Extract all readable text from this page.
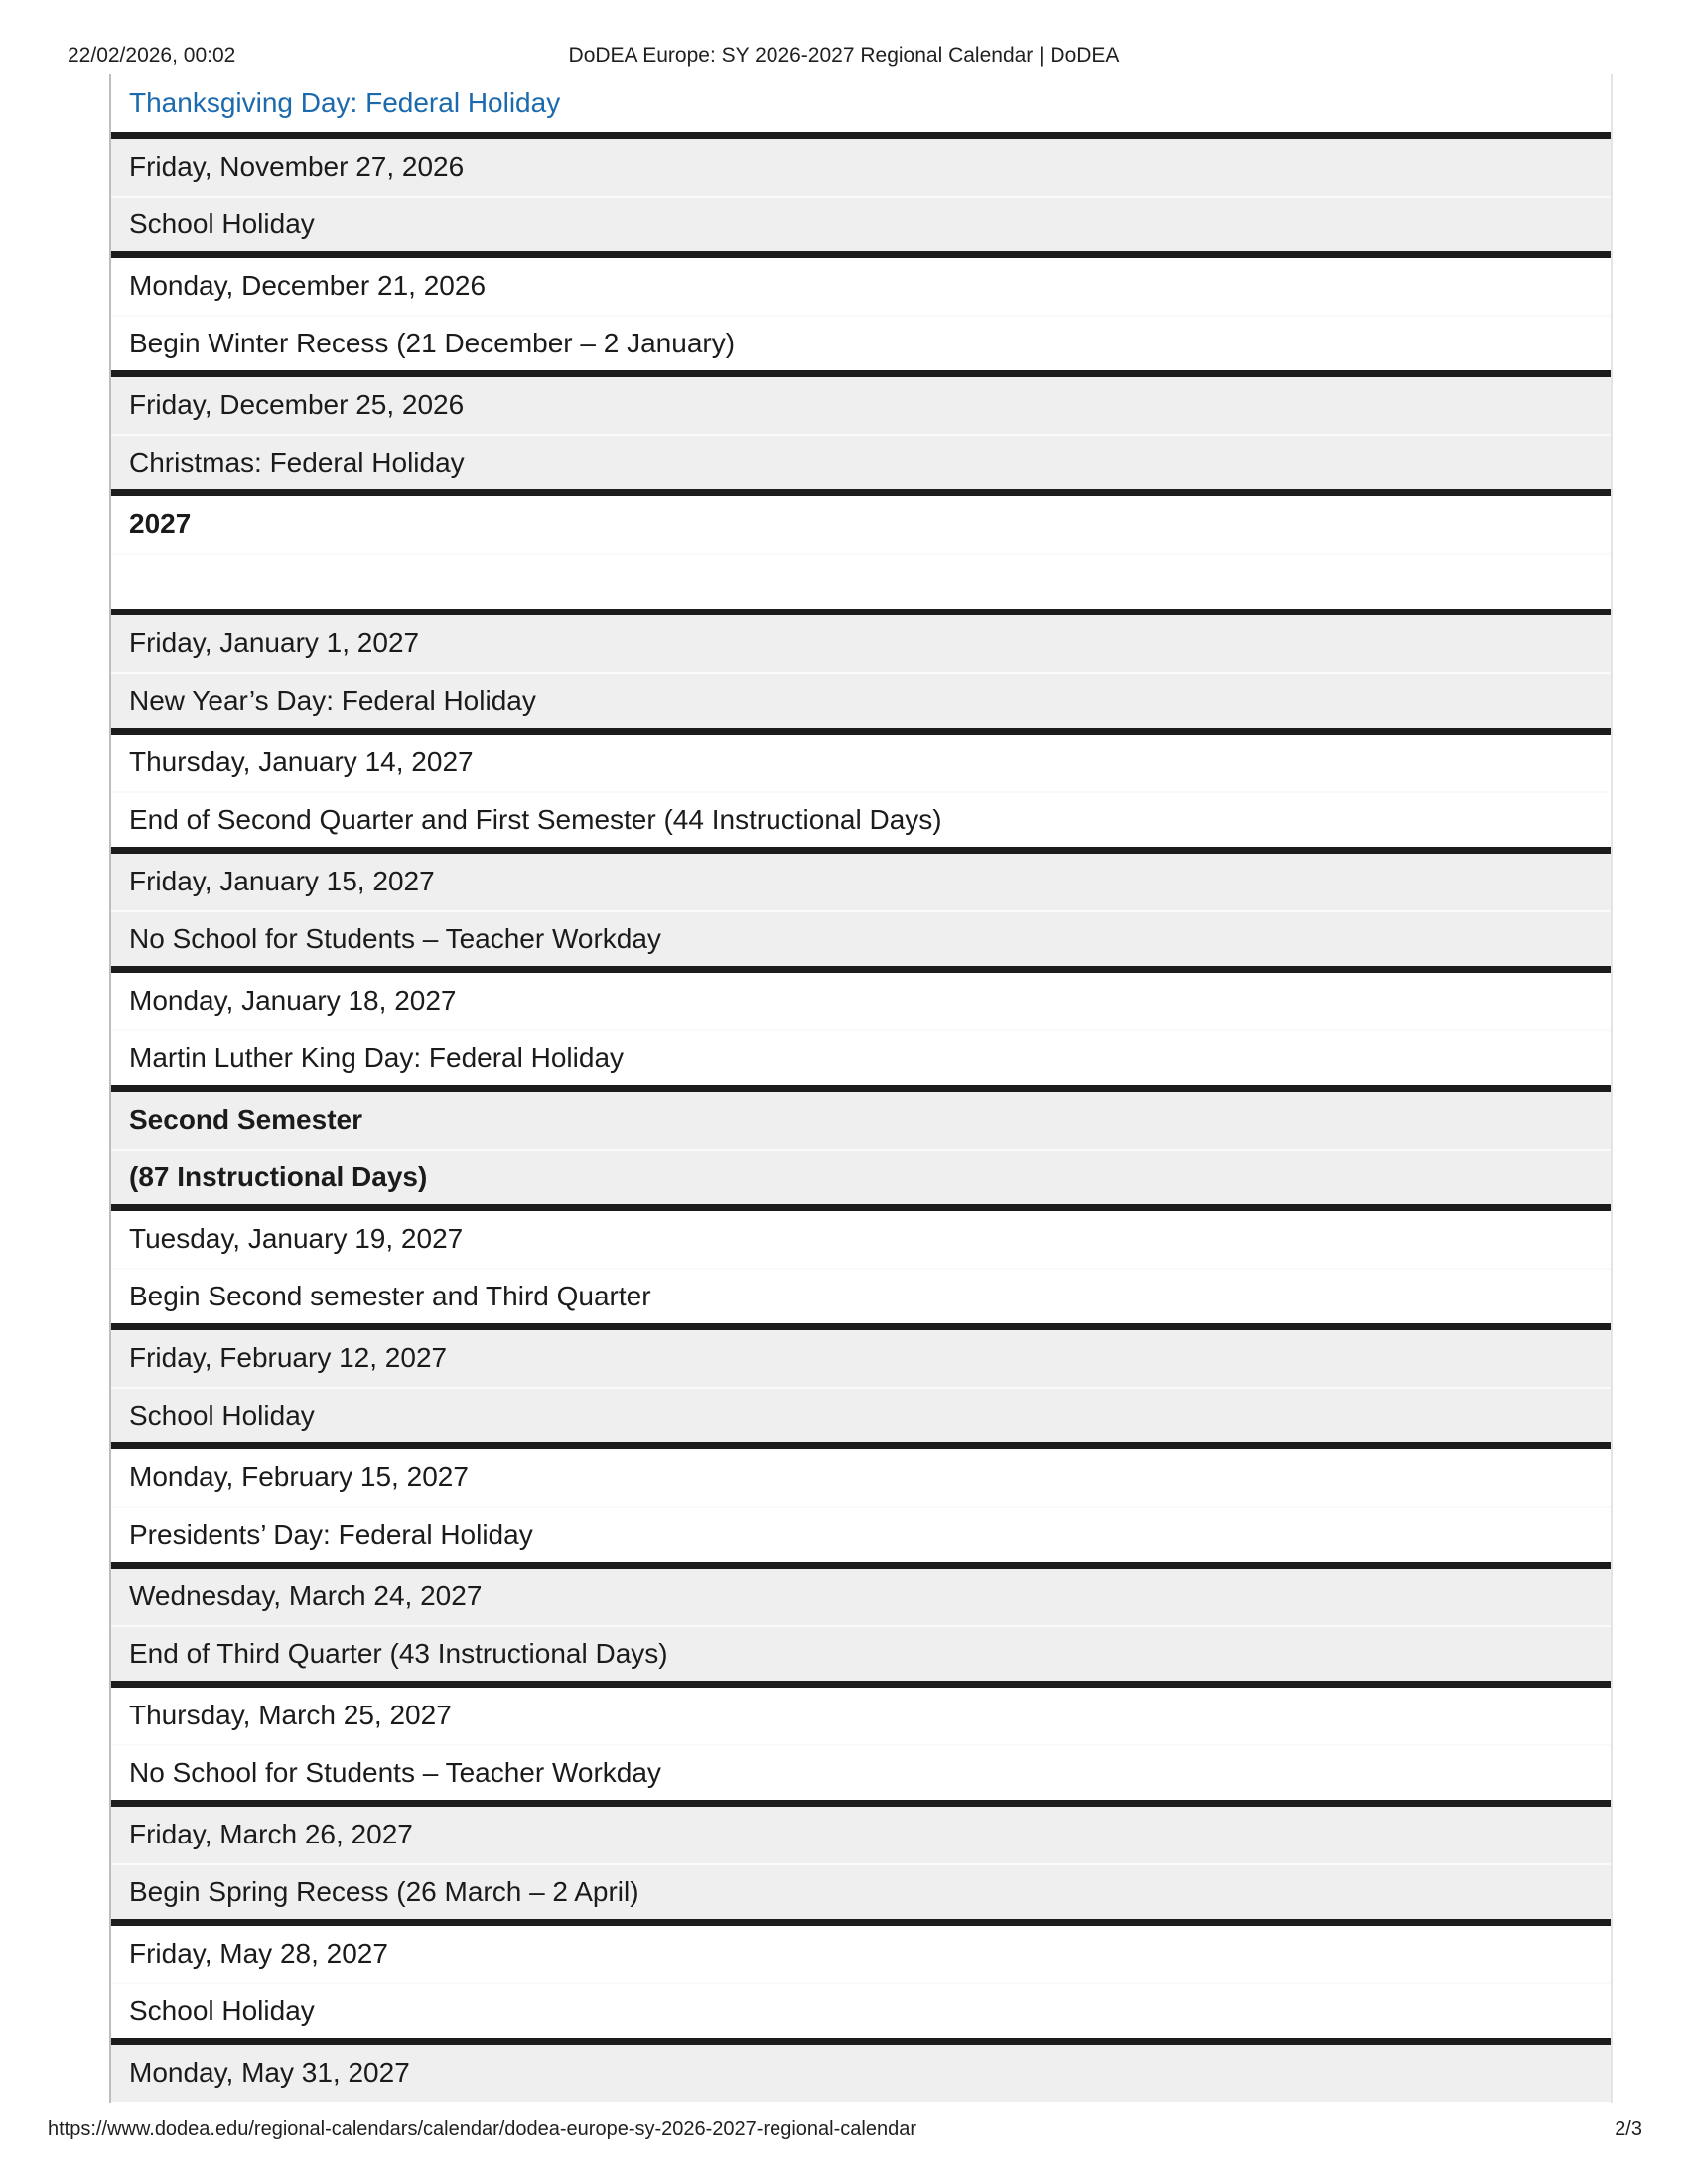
22/02/2026, 00:02	DoDEA Europe: SY 2026-2027 Regional Calendar | DoDEA
Thanksgiving Day: Federal Holiday
Friday, November 27, 2026
School Holiday
Monday, December 21, 2026
Begin Winter Recess (21 December – 2 January)
Friday, December 25, 2026
Christmas: Federal Holiday
2027
Friday, January 1, 2027
New Year’s Day: Federal Holiday
Thursday, January 14, 2027
End of Second Quarter and First Semester (44 Instructional Days)
Friday, January 15, 2027
No School for Students – Teacher Workday
Monday, January 18, 2027
Martin Luther King Day: Federal Holiday
Second Semester
(87 Instructional Days)
Tuesday, January 19, 2027
Begin Second semester and Third Quarter
Friday, February 12, 2027
School Holiday
Monday, February 15, 2027
Presidents’ Day: Federal Holiday
Wednesday, March 24, 2027
End of Third Quarter (43 Instructional Days)
Thursday, March 25, 2027
No School for Students – Teacher Workday
Friday, March 26, 2027
Begin Spring Recess (26 March – 2 April)
Friday, May 28, 2027
School Holiday
Monday, May 31, 2027
https://www.dodea.edu/regional-calendars/calendar/dodea-europe-sy-2026-2027-regional-calendar	2/3
